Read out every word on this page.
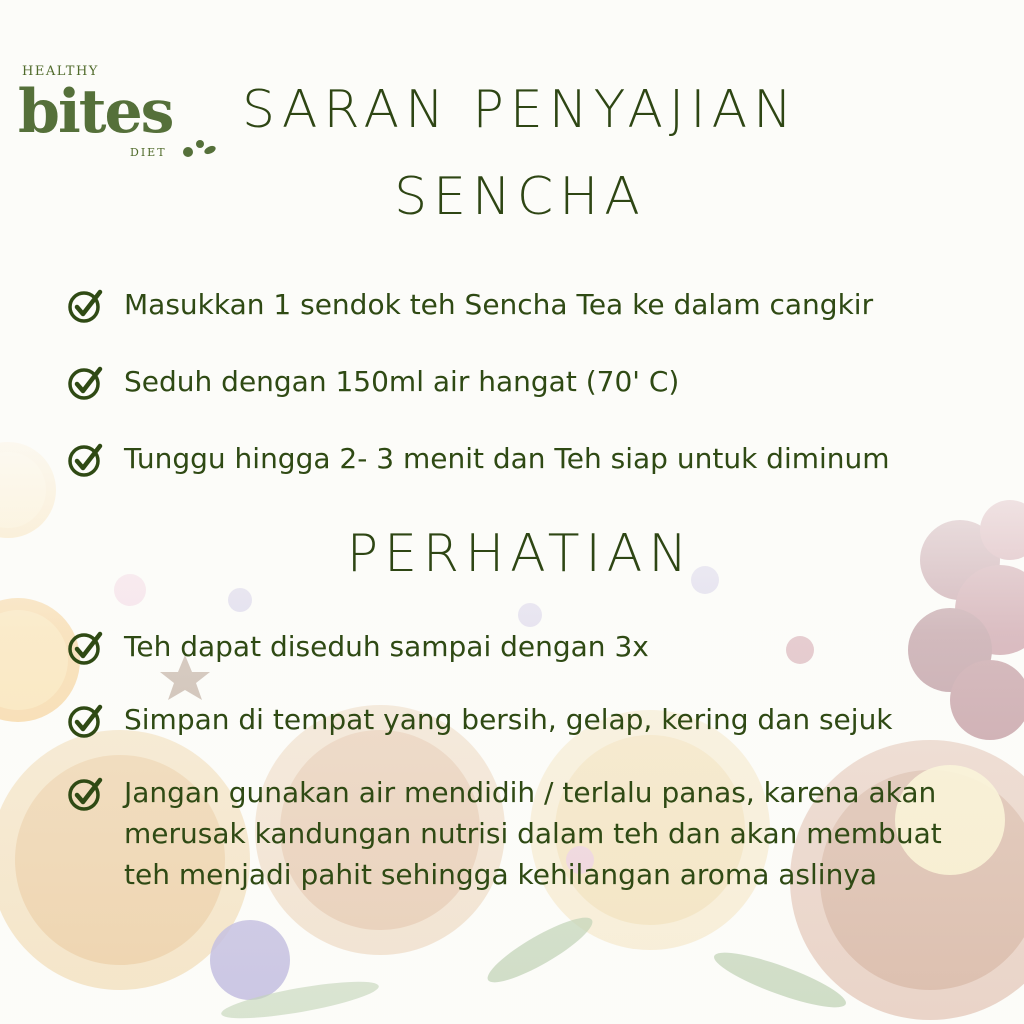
HEALTHY
bites
DIET
SARAN PENYAJIAN
SENCHA
Masukkan 1 sendok teh Sencha Tea ke dalam cangkir
Seduh dengan 150ml air hangat (70' C)
Tunggu hingga 2- 3 menit dan Teh siap untuk diminum
PERHATIAN
Teh dapat diseduh sampai dengan 3x
Simpan di tempat yang bersih, gelap, kering dan sejuk
Jangan gunakan air mendidih / terlalu panas, karena akan merusak kandungan nutrisi dalam teh dan akan membuat teh menjadi pahit sehingga kehilangan aroma aslinya
